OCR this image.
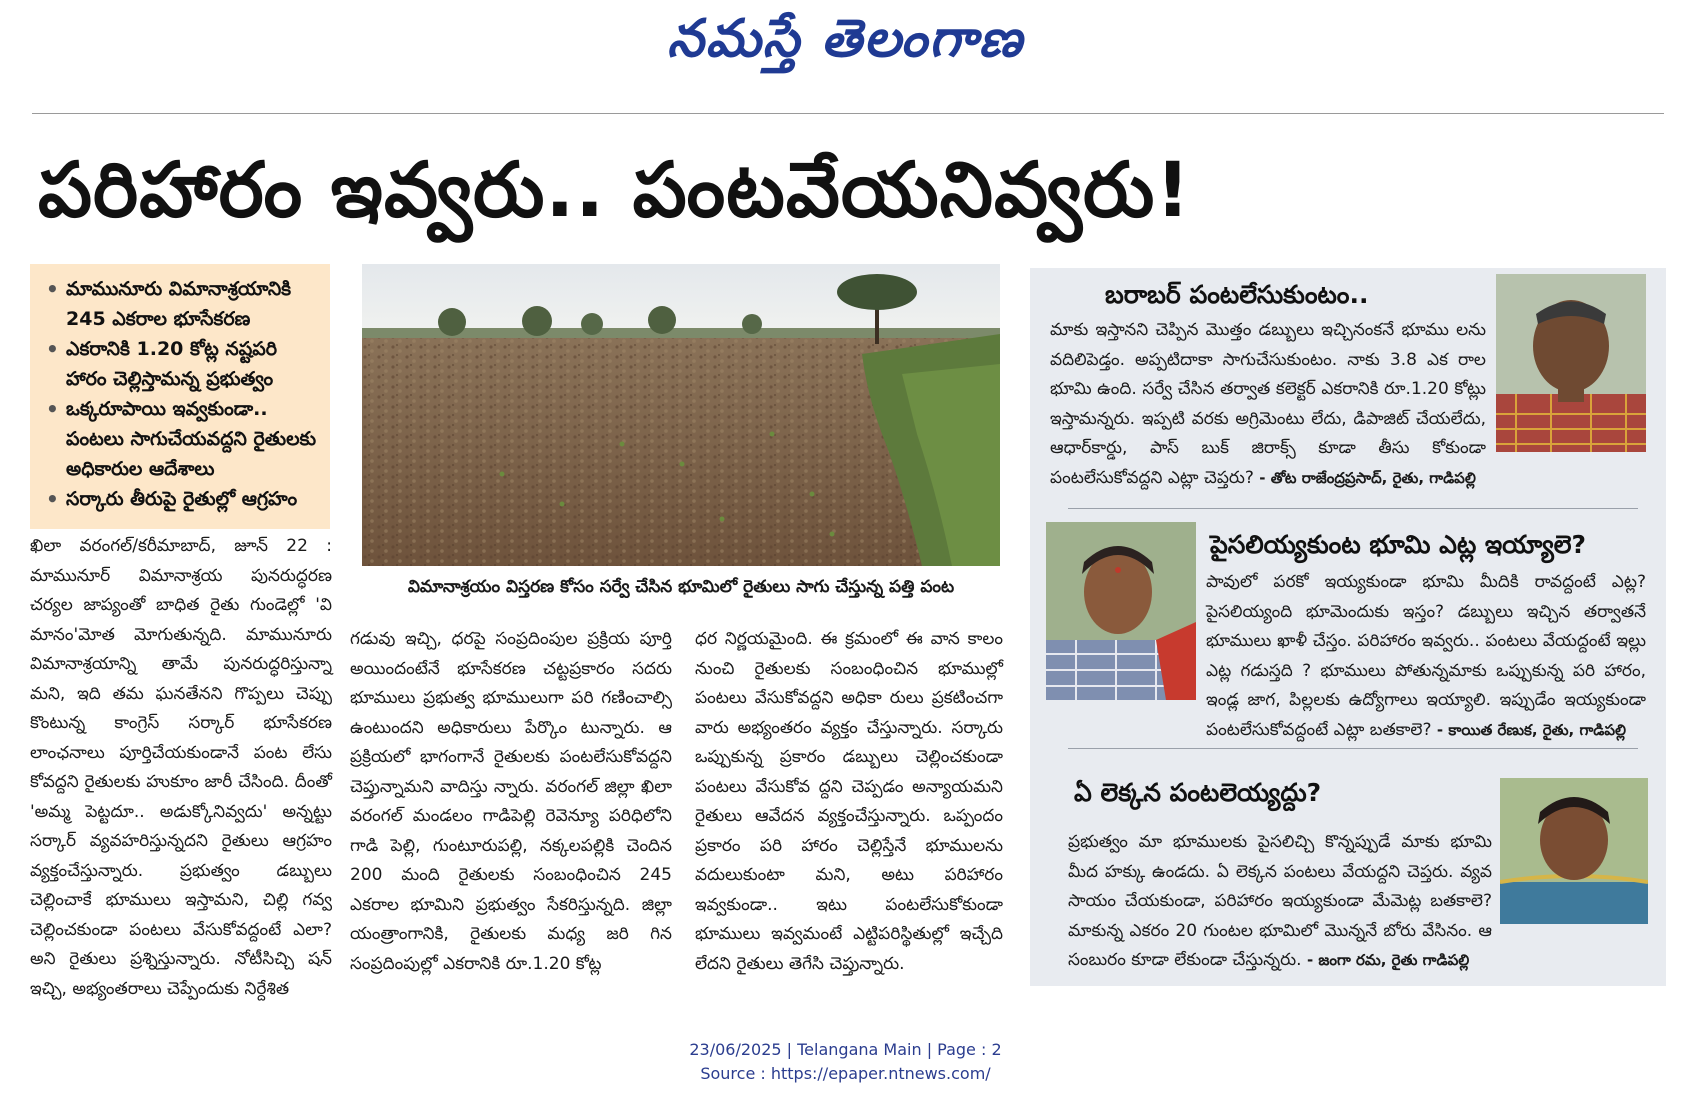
నమస్తే తెలంగాణ
పరిహారం ఇవ్వరు.. పంటవేయనివ్వరు!
• మామునూరు విమానాశ్రయానికి 245 ఎకరాల భూసేకరణ
• ఎకరానికి 1.20 కోట్ల నష్టపరి హారం చెల్లిస్తామన్న ప్రభుత్వం
• ఒక్కరూపాయి ఇవ్వకుండా.. పంటలు సాగుచేయవద్దని రైతులకు అధికారుల ఆదేశాలు
• సర్కారు తీరుపై రైతుల్లో ఆగ్రహం
విమానాశ్రయం విస్తరణ కోసం సర్వే చేసిన భూమిలో రైతులు సాగు చేస్తున్న పత్తి పంట
ఖిలా వరంగల్/కరీమాబాద్, జూన్ 22 : మామునూర్ విమానాశ్రయ పునరుద్ధరణ చర్యల జాప్యంతో బాధిత రైతు గుండెల్లో 'వి మానం'మోత మోగుతున్నది. మామునూరు విమానాశ్రయాన్ని తామే పునరుద్ధరిస్తున్నా మని, ఇది తమ ఘనతేనని గొప్పలు చెప్పు కొంటున్న కాంగ్రెస్ సర్కార్ భూసేకరణ లాంఛనాలు పూర్తిచేయకుండానే పంట లేసు కోవద్దని రైతులకు హుకూం జారీ చేసింది. దీంతో 'అమ్మ పెట్టదూ.. అడుక్కోనివ్వదు' అన్నట్టు సర్కార్ వ్యవహరిస్తున్నదని రైతులు ఆగ్రహం వ్యక్తంచేస్తున్నారు. ప్రభుత్వం డబ్బులు చెల్లించాకే భూములు ఇస్తామని, చిల్లి గవ్వ చెల్లించకుండా పంటలు వేసుకోవద్దంటే ఎలా? అని రైతులు ప్రశ్నిస్తున్నారు. నోటీసిచ్చి షన్ ఇచ్చి, అభ్యంతరాలు చెప్పేందుకు నిర్దేశిత
గడువు ఇచ్చి, ధరపై సంప్రదింపుల ప్రక్రియ పూర్తి అయిందంటేనే భూసేకరణ చట్టప్రకారం సదరు భూములు ప్రభుత్వ భూములుగా పరి గణించాల్సి ఉంటుందని అధికారులు పేర్కొం టున్నారు. ఆ ప్రక్రియలో భాగంగానే రైతులకు పంటలేసుకోవద్దని చెప్తున్నామని వాదిస్తు న్నారు. వరంగల్ జిల్లా ఖిలా వరంగల్ మండలం గాడిపెల్లి రెవెన్యూ పరిధిలోని గాడి పెల్లి, గుంటూరుపల్లి, నక్కలపల్లికి చెందిన 200 మంది రైతులకు సంబంధించిన 245 ఎకరాల భూమిని ప్రభుత్వం సేకరిస్తున్నది. జిల్లా యంత్రాంగానికి, రైతులకు మధ్య జరి గిన సంప్రదింపుల్లో ఎకరానికి రూ.1.20 కోట్ల
ధర నిర్ణయమైంది. ఈ క్రమంలో ఈ వాన కాలం నుంచి రైతులకు సంబంధించిన భూముల్లో పంటలు వేసుకోవద్దని అధికా రులు ప్రకటించగా వారు అభ్యంతరం వ్యక్తం చేస్తున్నారు. సర్కారు ఒప్పుకున్న ప్రకారం డబ్బులు చెల్లించకుండా పంటలు వేసుకోవ ద్దని చెప్పడం అన్యాయమని రైతులు ఆవేదన వ్యక్తంచేస్తున్నారు. ఒప్పందం ప్రకారం పరి హారం చెల్లిస్తేనే భూములను వదులుకుంటా మని, అటు పరిహారం ఇవ్వకుండా.. ఇటు పంటలేసుకోకుండా భూములు ఇవ్వమంటే ఎట్టిపరిస్థితుల్లో ఇచ్చేది లేదని రైతులు తెగేసి చెప్తున్నారు.
బరాబర్ పంటలేసుకుంటం..
మాకు ఇస్తానని చెప్పిన మొత్తం డబ్బులు ఇచ్చినంకనే భూము లను వదిలిపెడ్తం. అప్పటిదాకా సాగుచేసుకుంటం. నాకు 3.8 ఎక రాల భూమి ఉంది. సర్వే చేసిన తర్వాత కలెక్టర్ ఎకరానికి రూ.1.20 కోట్లు ఇస్తామన్నరు. ఇప్పటి వరకు అగ్రిమెంటు లేదు, డిపాజిట్ చేయలేదు, ఆధార్‌కార్డు, పాస్ బుక్ జిరాక్స్ కూడా తీసు కోకుండా పంటలేసుకోవద్దని ఎట్లా చెప్తరు? - తోట రాజేంద్రప్రసాద్, రైతు, గాడిపల్లి
పైసలియ్యకుంట భూమి ఎట్ల ఇయ్యాలె?
పావులో పరకో ఇయ్యకుండా భూమి మీదికి రావద్దంటే ఎట్ల? పైసలియ్యంది భూమెందుకు ఇస్తం? డబ్బులు ఇచ్చిన తర్వాతనే భూములు ఖాళీ చేస్తం. పరిహారం ఇవ్వరు.. పంటలు వేయద్దంటే ఇల్లు ఎట్ల గడుస్తది ? భూములు పోతున్నమాకు ఒప్పుకున్న పరి హారం, ఇండ్ల జాగ, పిల్లలకు ఉద్యోగాలు ఇయ్యాలి. ఇప్పుడేం ఇయ్యకుండా పంటలేసుకోవద్దంటే ఎట్లా బతకాలె? - కాయిత రేణుక, రైతు, గాడిపల్లి
ఏ లెక్కన పంటలెయ్యద్దు?
ప్రభుత్వం మా భూములకు పైసలిచ్చి కొన్నప్పుడే మాకు భూమి మీద హక్కు ఉండదు. ఏ లెక్కన పంటలు వేయద్దని చెప్తరు. వ్యవ సాయం చేయకుండా, పరిహారం ఇయ్యకుండా మేమెట్ల బతకాలె? మాకున్న ఎకరం 20 గుంటల భూమిలో మొన్ననే బోరు వేసినం. ఆ సంబురం కూడా లేకుండా చేస్తున్నరు. - జంగా రమ, రైతు గాడిపల్లి
23/06/2025 | Telangana Main | Page : 2
Source : https://epaper.ntnews.com/
